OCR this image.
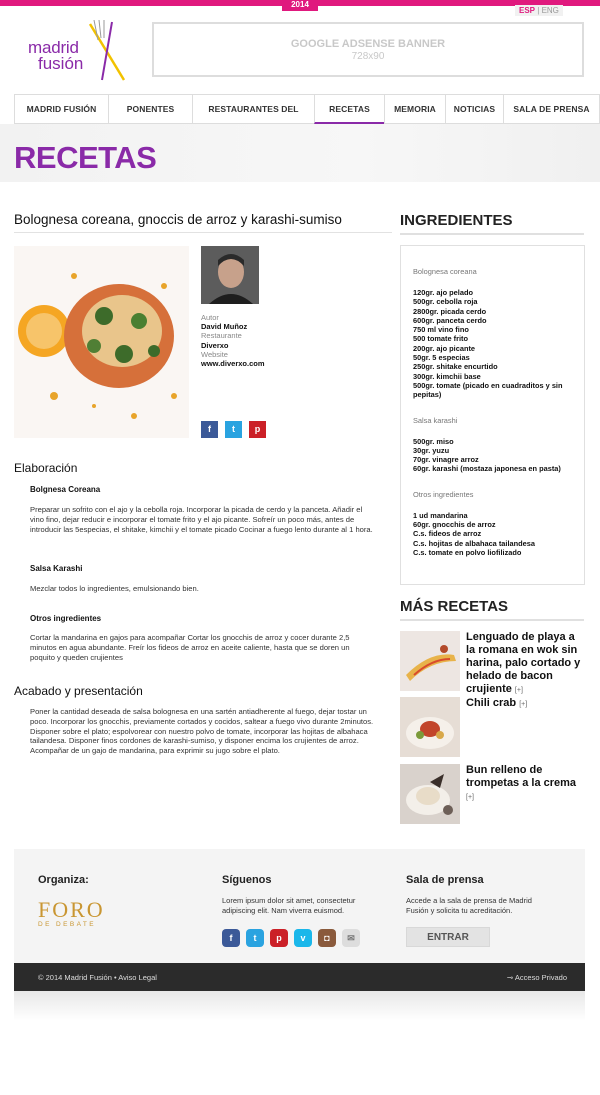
2014
ESP | ENG
madrid
fusión
GOOGLE ADSENSE BANNER
728x90
MADRID FUSIÓN	PONENTES	RESTAURANTES DEL	RECETAS	MEMORIA	NOTICIAS	SALA DE PRENSA
RECETAS
Bolognesa coreana, gnoccis de arroz y karashi-sumiso
Autor
David Muñoz
Restaurante
Diverxo
Website
www.diverxo.com
f	t	p
Elaboración
Bolgnesa Coreana
Preparar un sofrito con el ajo y la cebolla roja. Incorporar la picada de cerdo y la panceta. Añadir el vino fino, dejar reducir e incorporar el tomate frito y el ajo picante. Sofreír un poco más, antes de introducir las 5especias, el shitake, kimchii y el tomate picado Cocinar a fuego lento durante al 1 hora.
Salsa Karashi
Mezclar todos lo ingredientes, emulsionando bien.
Otros ingredientes
Cortar la mandarina en gajos para acompañar Cortar los gnocchis de arroz y cocer durante 2,5 minutos en agua abundante. Freír los fideos de arroz en aceite caliente, hasta que se doren un poquito y queden crujientes
Acabado y presentación
Poner la cantidad deseada de salsa bolognesa en una sartén antiadherente al fuego, dejar tostar un poco. Incorporar los gnocchis, previamente cortados y cocidos, saltear a fuego vivo durante 2minutos. Disponer sobre el plato; espolvorear con nuestro polvo de tomate, incorporar las hojitas de albahaca tailandesa. Disponer finos cordones de karashi-sumiso, y disponer encima los crujientes de arroz. Acompañar de un gajo de mandarina, para exprimir su jugo sobre el plato.
INGREDIENTES
Bolognesa coreana
120gr. ajo pelado
500gr. cebolla roja
2800gr. picada cerdo
600gr. panceta cerdo
750 ml vino fino
500 tomate frito
200gr. ajo picante
50gr. 5 especias
250gr. shitake encurtido
300gr. kimchii base
500gr. tomate (picado en cuadraditos y sin pepitas)
Salsa karashi
500gr. miso
30gr. yuzu
70gr. vinagre arroz
60gr. karashi (mostaza japonesa en pasta)
Otros ingredientes
1 ud mandarina
60gr. gnocchis de arroz
C.s. fideos de arroz
C.s. hojitas de albahaca tailandesa
C.s. tomate en polvo liofilizado
MÁS RECETAS
Lenguado de playa a la romana en wok sin harina, palo cortado y helado de bacon crujiente [+]
Chili crab [+]
Bun relleno de trompetas a la crema [+]
Organiza:
FORO
DE DEBATE
Síguenos
Lorem ipsum dolor sit amet, consectetur adipiscing elit. Nam viverra euismod.
f	t	p	v	◘	✉
Sala de prensa
Accede a la sala de prensa de Madrid Fusión y solicita tu acreditación.
ENTRAR
© 2014 Madrid Fusión • Aviso Legal	⊸ Acceso Privado
